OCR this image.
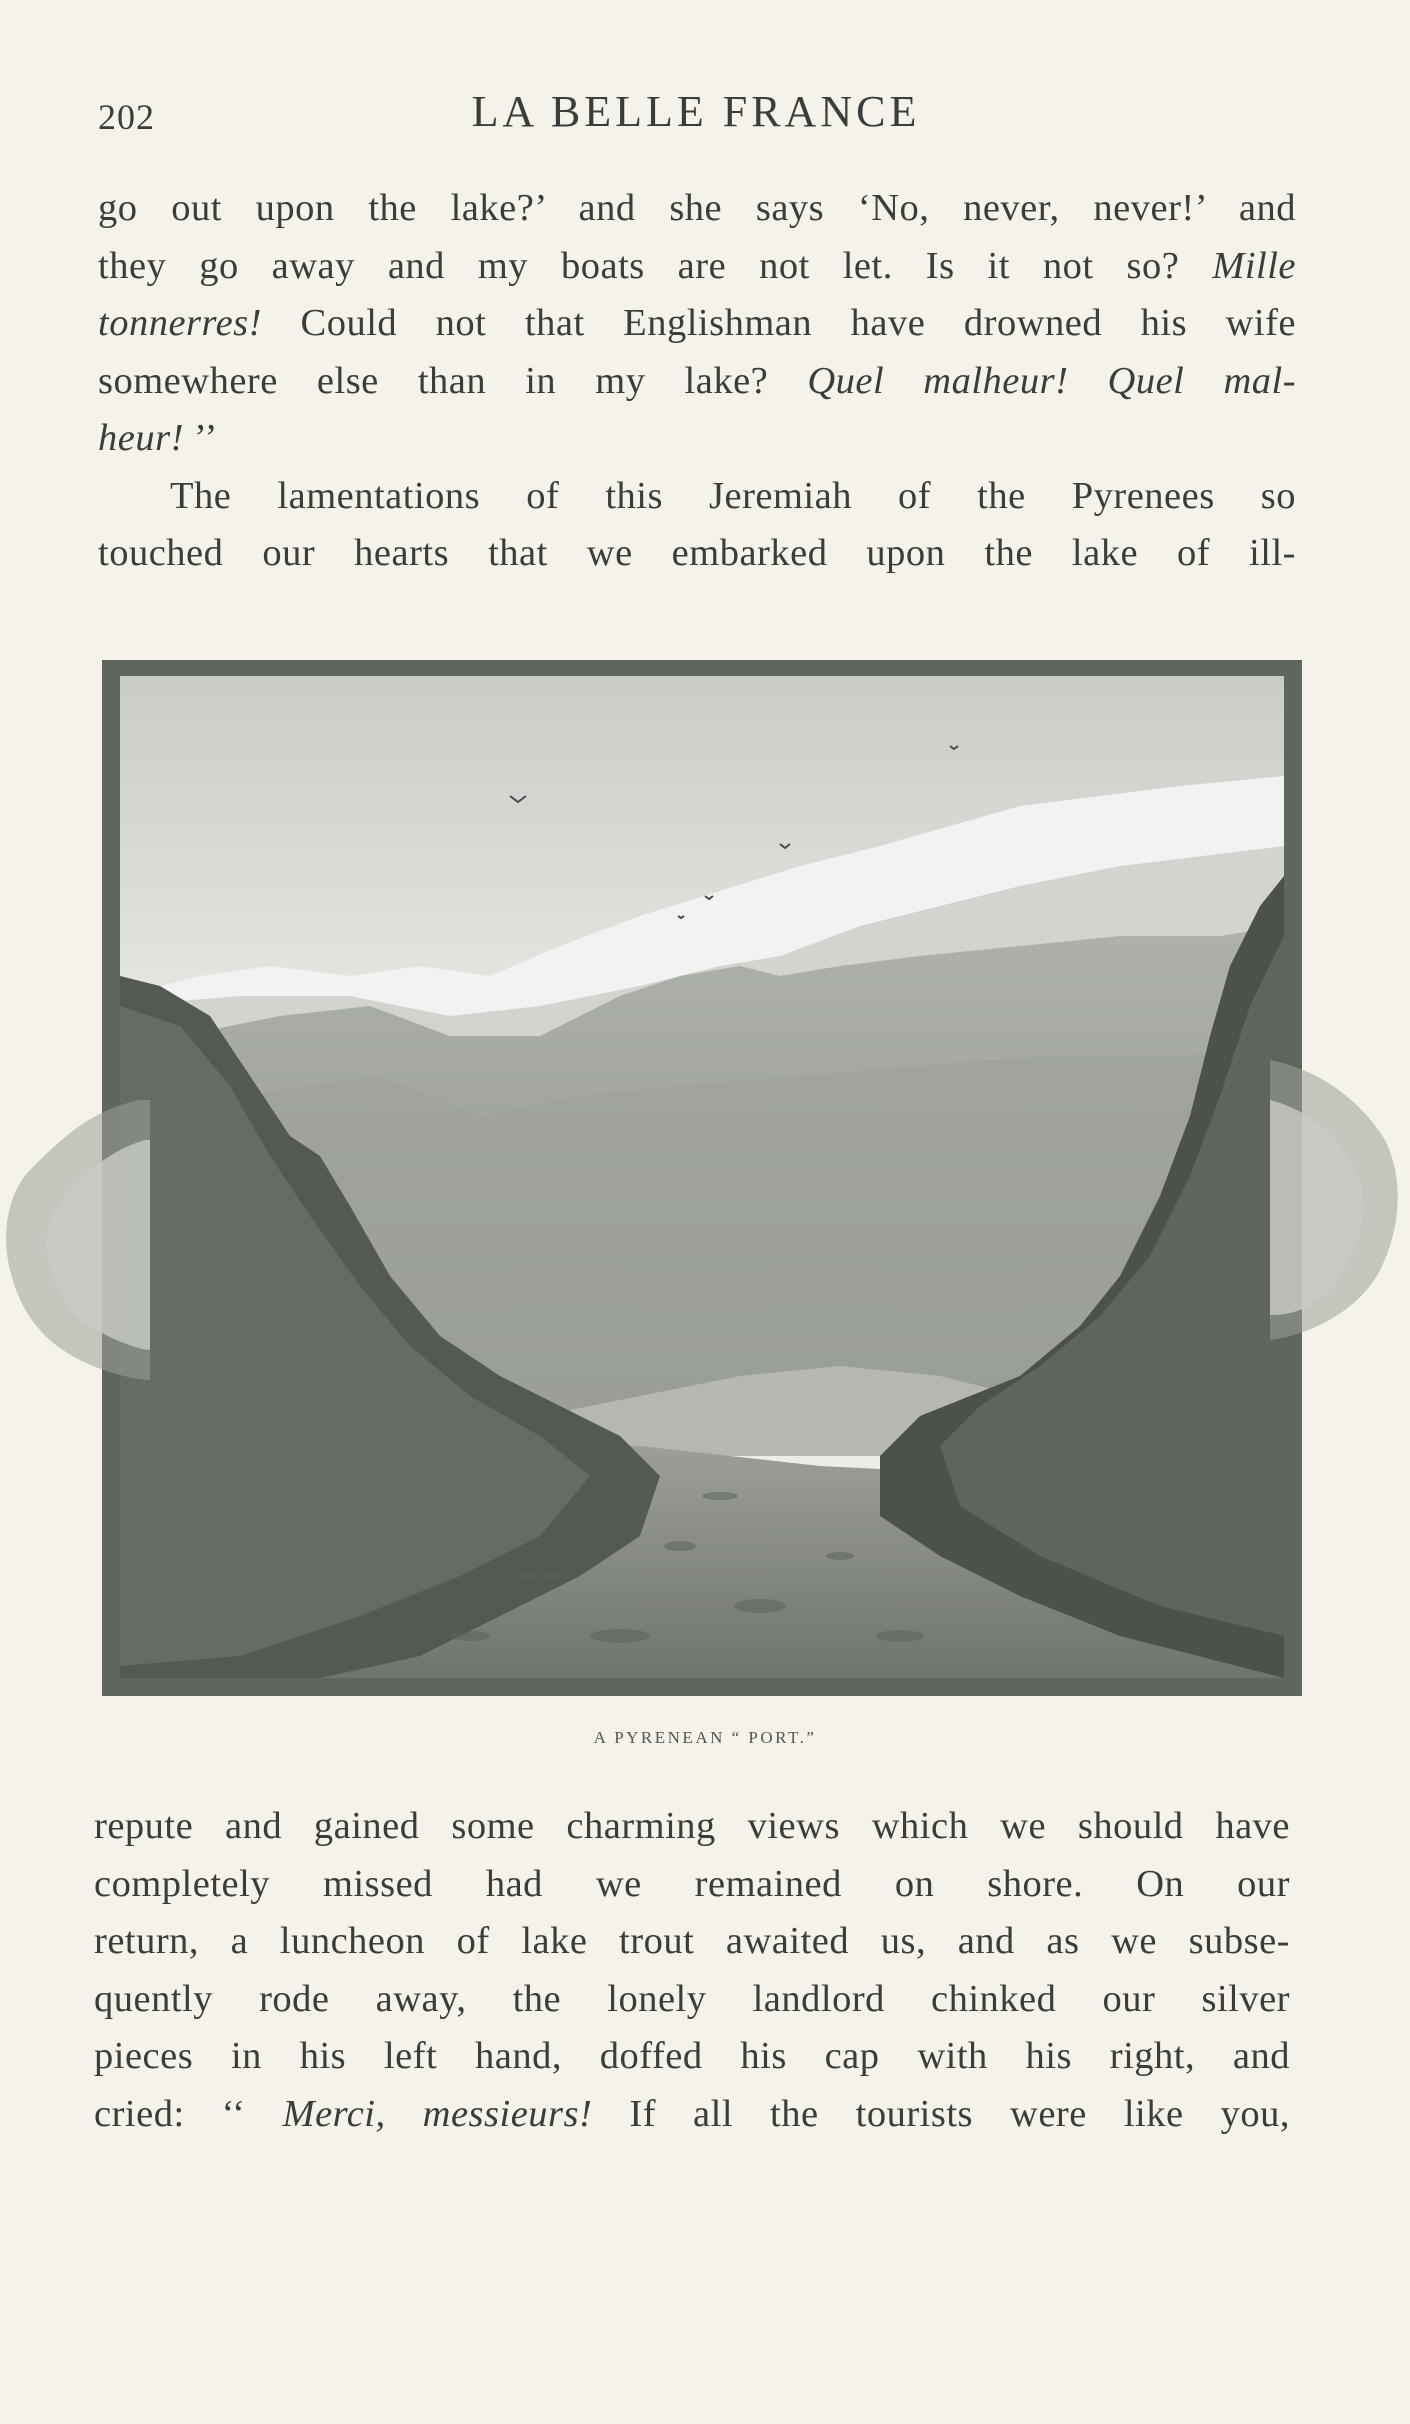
202	LA BELLE FRANCE
go out upon the lake?’ and she says ‘No, never, never!’ and
they go away and my boats are not let. Is it not so? Mille
tonnerres! Could not that Englishman have drowned his wife
somewhere else than in my lake? Quel malheur! Quel mal-
heur! ’’
The lamentations of this Jeremiah of the Pyrenees so
touched our hearts that we embarked upon the lake of ill-
A PYRENEAN “ PORT.”
repute and gained some charming views which we should have
completely missed had we remained on shore. On our
return, a luncheon of lake trout awaited us, and as we subse-
quently rode away, the lonely landlord chinked our silver
pieces in his left hand, doffed his cap with his right, and
cried: ‘‘ Merci, messieurs! If all the tourists were like you,
